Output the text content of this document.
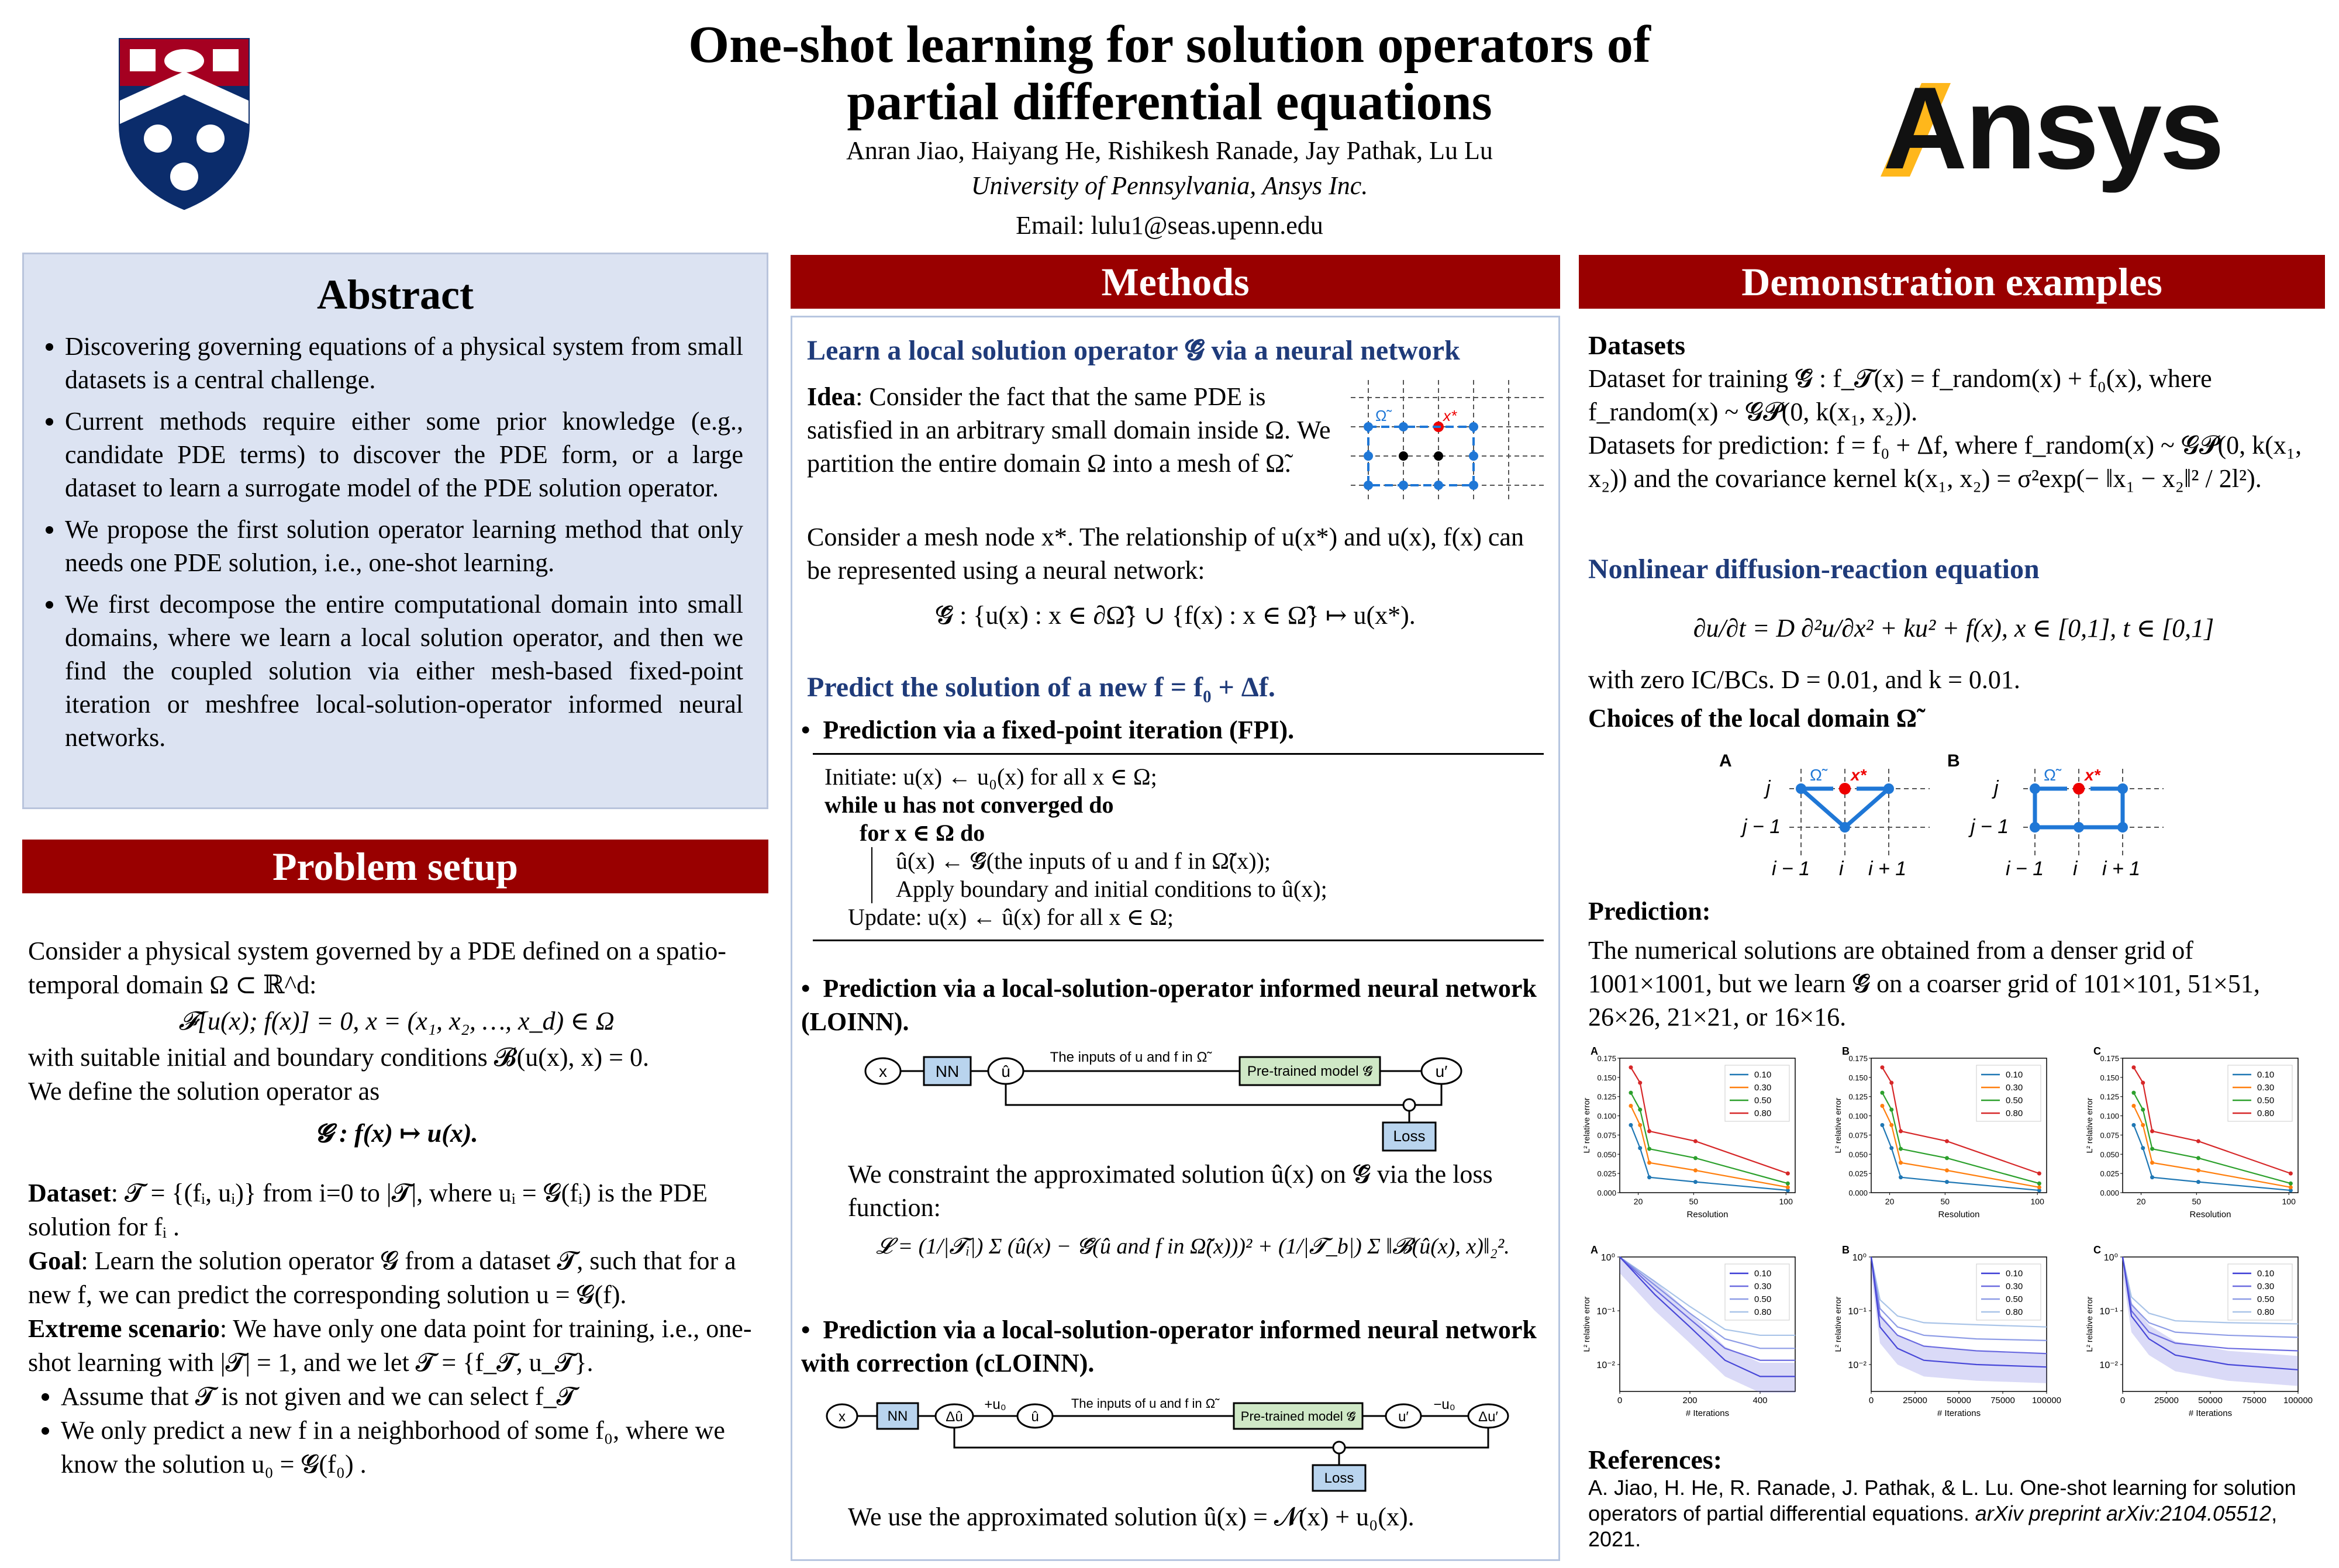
One-shot learning for solution operators of
partial differential equations
Anran Jiao, Haiyang He, Rishikesh Ranade, Jay Pathak, Lu Lu
University of Pennsylvania, Ansys Inc.
Email: lulu1@seas.upenn.edu
Ansys
Abstract
• Discovering governing equations of a physical system from small datasets is a central challenge.
• Current methods require either some prior knowledge (e.g., candidate PDE terms) to discover the PDE form, or a large dataset to learn a surrogate model of the PDE solution operator.
• We propose the first solution operator learning method that only needs one PDE solution, i.e., one-shot learning.
• We first decompose the entire computational domain into small domains, where we learn a local solution operator, and then we find the coupled solution via either mesh-based fixed-point iteration or meshfree local-solution-operator informed neural networks.
Problem setup
Consider a physical system governed by a PDE defined on a spatio-temporal domain Ω ⊂ ℝ^d:
𝓕[u(x); f(x)] = 0, x = (x₁, x₂, …, x_d) ∈ Ω
with suitable initial and boundary conditions 𝓑(u(x), x) = 0.
We define the solution operator as
𝓖 : f(x) ↦ u(x).
Dataset: 𝓣 = {(fᵢ, uᵢ)} from i=0 to |𝓣|, where uᵢ = 𝓖(fᵢ) is the PDE solution for fᵢ .
Goal: Learn the solution operator 𝓖 from a dataset 𝓣, such that for a new f, we can predict the corresponding solution u = 𝓖(f).
Extreme scenario: We have only one data point for training, i.e., one-shot learning with |𝓣| = 1, and we let 𝓣 = {f_𝓣, u_𝓣}.
• Assume that 𝓣 is not given and we can select f_𝓣
• We only predict a new f in a neighborhood of some f₀, where we know the solution u₀ = 𝓖(f₀) .
Methods
Learn a local solution operator 𝓖̃ via a neural network
Idea: Consider the fact that the same PDE is satisfied in an arbitrary small domain inside Ω. We partition the entire domain Ω into a mesh of Ω̃.
Ω̃	x*
Consider a mesh node x*. The relationship of u(x*) and u(x), f(x) can be represented using a neural network:
𝓖̃ : {u(x) : x ∈ ∂Ω̃} ∪ {f(x) : x ∈ Ω̃} ↦ u(x*).
Predict the solution of a new f = f₀ + Δf.
•  Prediction via a fixed-point iteration (FPI).
Initiate: u(x) ← u₀(x) for all x ∈ Ω;
while u has not converged do
for x ∈ Ω do
û(x) ← 𝓖̃(the inputs of u and f in Ω̃(x));
Apply boundary and initial conditions to û(x);
Update: u(x) ← û(x) for all x ∈ Ω;
•  Prediction via a local-solution-operator informed neural network (LOINN).
x	NN	û
The inputs of u and f in Ω̃
Pre-trained model 𝓖̃	u′
Loss
We constraint the approximated solution û(x) on 𝓖̃ via the loss function:
𝓛 = (1/|𝓣ᵢ|) Σ (û(x) − 𝓖̃(û and f in Ω̃(x)))² + (1/|𝓣_b|) Σ ‖𝓑(û(x), x)‖₂².
•  Prediction via a local-solution-operator informed neural network with correction (cLOINN).
x	NN	Δû
+u₀
û
The inputs of u and f in Ω̃
Pre-trained model 𝓖̃	u′
−u₀
Δu′
Loss
We use the approximated solution û(x) = 𝓝(x) + u₀(x).
Demonstration examples
Datasets
Dataset for training 𝓖̃ : f_𝓣(x) = f_random(x) + f₀(x), where f_random(x) ~ 𝓖𝓟(0, k(x₁, x₂)).
Datasets for prediction: f = f₀ + Δf, where f_random(x) ~ 𝓖𝓟(0, k(x₁, x₂)) and the covariance kernel k(x₁, x₂) = σ²exp(− ‖x₁ − x₂‖² / 2l²).
Nonlinear diffusion-reaction equation
∂u/∂t = D ∂²u/∂x² + ku² + f(x), x ∈ [0,1], t ∈ [0,1]
with zero IC/BCs. D = 0.01, and k = 0.01.
Choices of the local domain Ω̃
A	B
j
j − 1
i − 1 i i + 1
j
j − 1
i − 1 i i + 1
Ω̃	x*	Ω̃	x*
Prediction:
The numerical solutions are obtained from a denser grid of 1001×1001, but we learn 𝓖̃ on a coarser grid of 101×101, 51×51, 26×26, 21×21, or 16×16.
A
L² relative error
Resolution
0.000
0.025
0.050
0.075
0.100
0.125
0.150
0.175
20	50	100
0.10
0.30
0.50
0.80
B
L² relative error
Resolution
0.000
0.025
0.050
0.075
0.100
0.125
0.150
0.175
20	50	100
0.10
0.30
0.50
0.80
C
L² relative error
Resolution
0.000
0.025
0.050
0.075
0.100
0.125
0.150
0.175
20	50	100
0.10
0.30
0.50
0.80
A
L² relative error
# Iterations
10⁰
10⁻¹
10⁻²
0	200	400
0.10
0.30
0.50
0.80
B
L² relative error
# Iterations
10⁰
10⁻¹
10⁻²
0	25000 50000 75000 100000
0.10
0.30
0.50
0.80
C
L² relative error
# Iterations
10⁰
10⁻¹
10⁻²
0	25000 50000 75000 100000
0.10
0.30
0.50
0.80
References:
A. Jiao, H. He, R. Ranade, J. Pathak, & L. Lu. One-shot learning for solution operators of partial differential equations. arXiv preprint arXiv:2104.05512, 2021.
